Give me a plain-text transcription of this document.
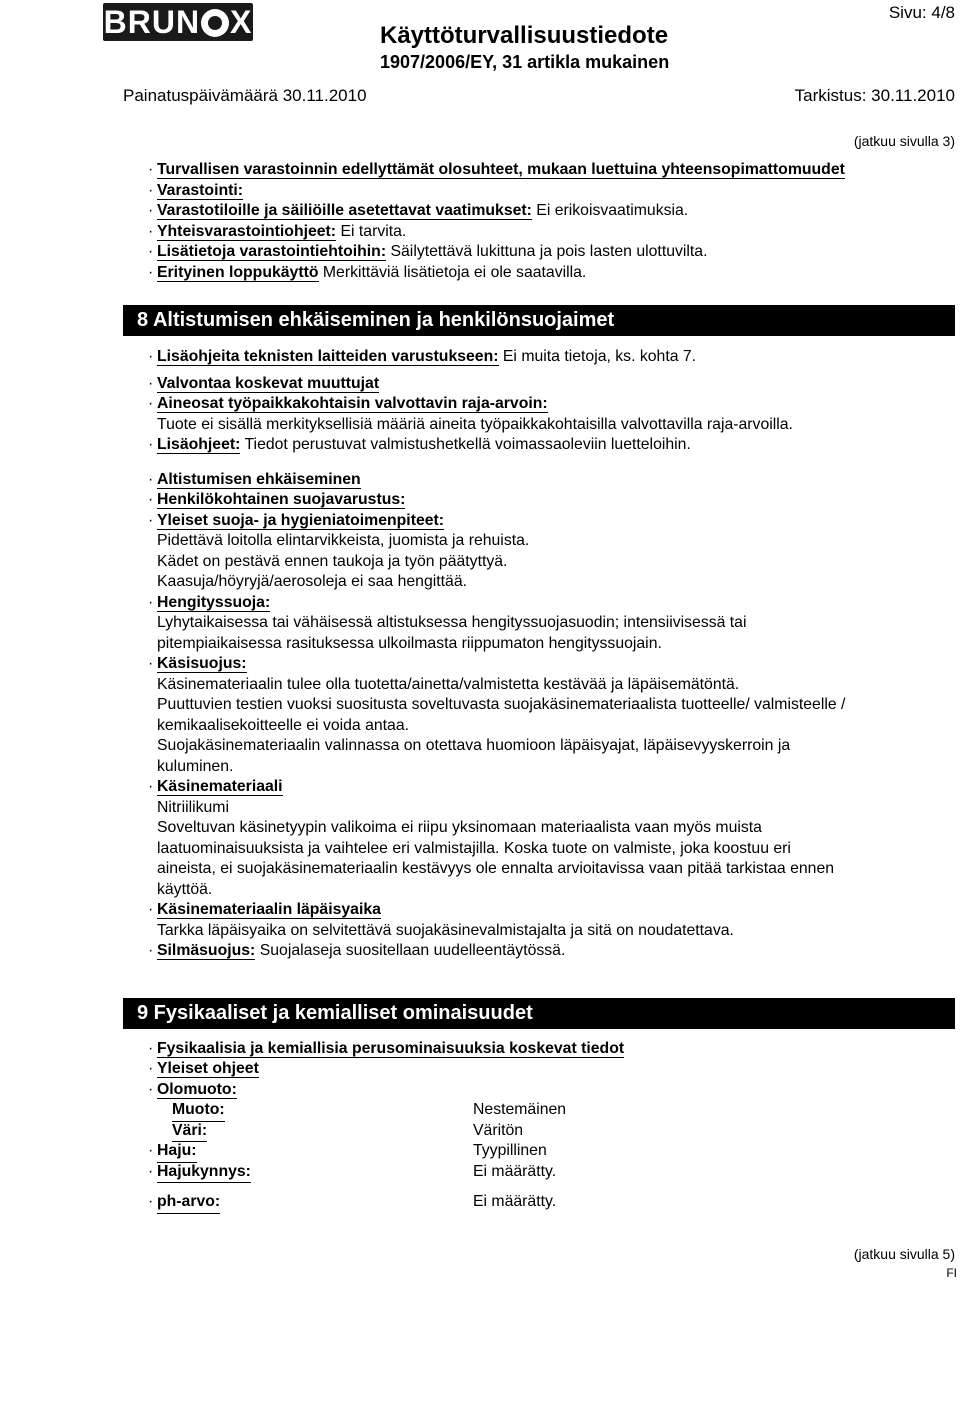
BRUN X	Käyttöturvallisuustiedote
1907/2006/EY, 31 artikla mukainen
Sivu: 4/8
Painatuspäivämäärä 30.11.2010	Tarkistus: 30.11.2010
(jatkuu sivulla 3)
· Turvallisen varastoinnin edellyttämät olosuhteet, mukaan luettuina yhteensopimattomuudet
· Varastointi:
· Varastotiloille ja säiliöille asetettavat vaatimukset: Ei erikoisvaatimuksia.
· Yhteisvarastointiohjeet: Ei tarvita.
· Lisätietoja varastointiehtoihin: Säilytettävä lukittuna ja pois lasten ulottuvilta.
· Erityinen loppukäyttö Merkittäviä lisätietoja ei ole saatavilla.
8 Altistumisen ehkäiseminen ja henkilönsuojaimet
· Lisäohjeita teknisten laitteiden varustukseen: Ei muita tietoja, ks. kohta 7.
· Valvontaa koskevat muuttujat
· Aineosat työpaikkakohtaisin valvottavin raja-arvoin:
Tuote ei sisällä merkityksellisiä määriä aineita työpaikkakohtaisilla valvottavilla raja-arvoilla.
· Lisäohjeet: Tiedot perustuvat valmistushetkellä voimassaoleviin luetteloihin.
· Altistumisen ehkäiseminen
· Henkilökohtainen suojavarustus:
· Yleiset suoja- ja hygieniatoimenpiteet:
Pidettävä loitolla elintarvikkeista, juomista ja rehuista.
Kädet on pestävä ennen taukoja ja työn päätyttyä.
Kaasuja/höyryjä/aerosoleja ei saa hengittää.
· Hengityssuoja:
Lyhytaikaisessa tai vähäisessä altistuksessa hengityssuojasuodin; intensiivisessä tai
pitempiaikaisessa rasituksessa ulkoilmasta riippumaton hengityssuojain.
· Käsisuojus:
Käsinemateriaalin tulee olla tuotetta/ainetta/valmistetta kestävää ja läpäisemätöntä.
Puuttuvien testien vuoksi suositusta soveltuvasta suojakäsinemateriaalista tuotteelle/ valmisteelle /
kemikaalisekoitteelle ei voida antaa.
Suojakäsinemateriaalin valinnassa on otettava huomioon läpäisyajat, läpäisevyyskerroin ja
kuluminen.
· Käsinemateriaali
Nitriilikumi
Soveltuvan käsinetyypin valikoima ei riipu yksinomaan materiaalista vaan myös muista
laatuominaisuuksista ja vaihtelee eri valmistajilla. Koska tuote on valmiste, joka koostuu eri
aineista, ei suojakäsinemateriaalin kestävyys ole ennalta arvioitavissa vaan pitää tarkistaa ennen
käyttöä.
· Käsinemateriaalin läpäisyaika
Tarkka läpäisyaika on selvitettävä suojakäsinevalmistajalta ja sitä on noudatettava.
· Silmäsuojus: Suojalaseja suositellaan uudelleentäytössä.
9 Fysikaaliset ja kemialliset ominaisuudet
· Fysikaalisia ja kemiallisia perusominaisuuksia koskevat tiedot
· Yleiset ohjeet
· Olomuoto:
Muoto:	Nestemäinen
Väri:	Väritön
· Haju:	Tyypillinen
· Hajukynnys:	Ei määrätty.
· ph-arvo:	Ei määrätty.
(jatkuu sivulla 5)
FI
